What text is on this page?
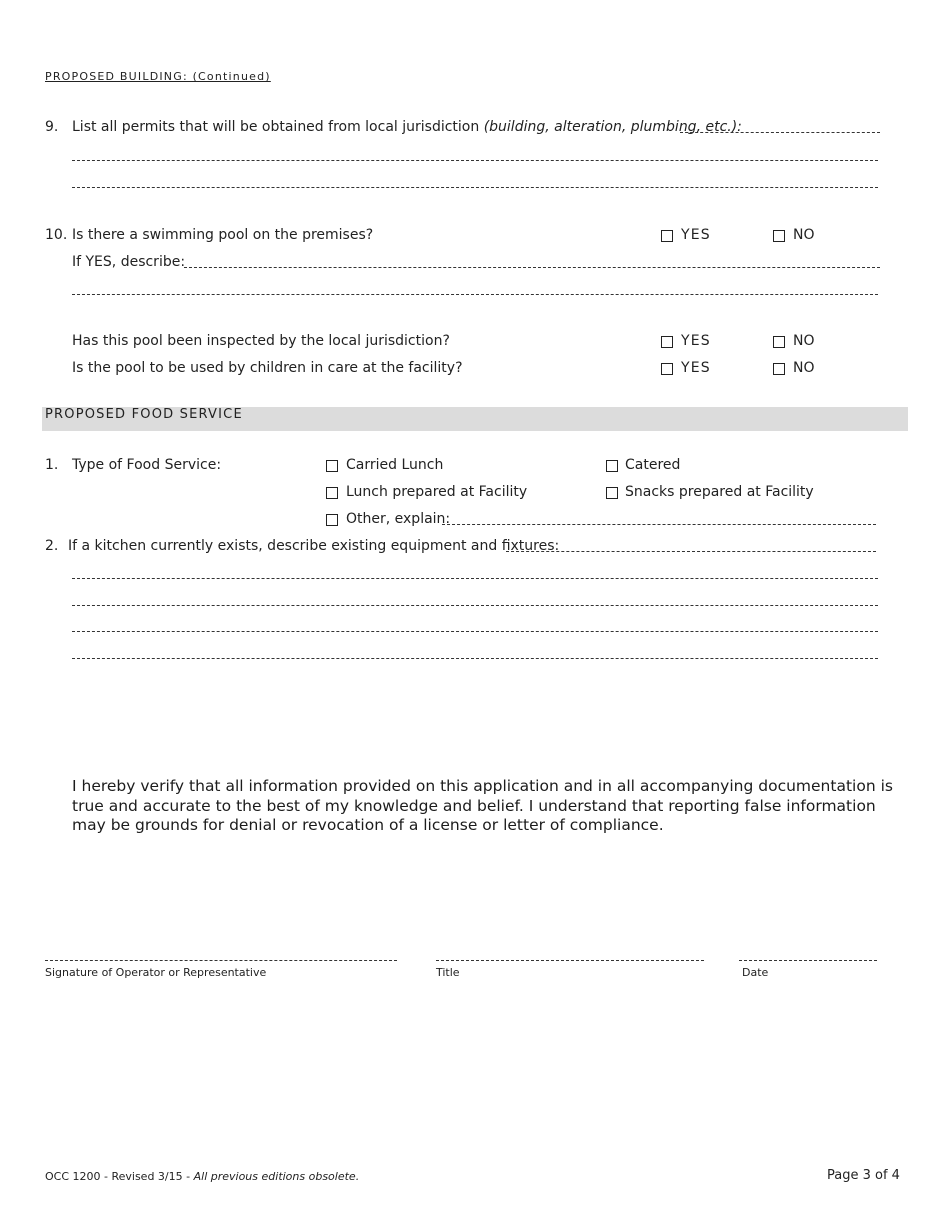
PROPOSED BUILDING: (Continued)
9. List all permits that will be obtained from local jurisdiction (building, alteration, plumbing, etc.):
10. Is there a swimming pool on the premises?	YES	NO
If YES, describe:
Has this pool been inspected by the local jurisdiction?	YES	NO
Is the pool to be used by children in care at the facility?	YES	NO
PROPOSED FOOD SERVICE
1. Type of Food Service:	Carried Lunch	Catered
Lunch prepared at Facility	Snacks prepared at Facility
Other, explain:
2. If a kitchen currently exists, describe existing equipment and fixtures:
I hereby verify that all information provided on this application and in all accompanying documentation is true and accurate to the best of my knowledge and belief. I understand that reporting false information may be grounds for denial or revocation of a license or letter of compliance.
Signature of Operator or Representative	Title	Date
OCC 1200 - Revised 3/15 - All previous editions obsolete.	Page 3 of 4
